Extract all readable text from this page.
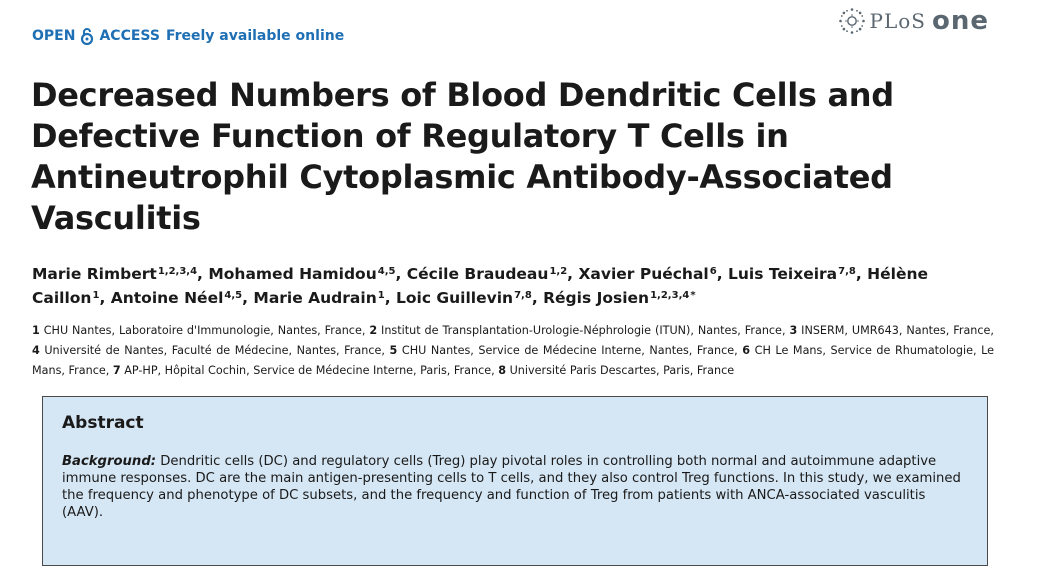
OPEN ACCESS Freely available online
PLoS one
Decreased Numbers of Blood Dendritic Cells and Defective Function of Regulatory T Cells in Antineutrophil Cytoplasmic Antibody-Associated Vasculitis
Marie Rimbert$^{1,2,3,4}$, Mohamed Hamidou$^{4,5}$, Cécile Braudeau$^{1,2}$, Xavier Puéchal$^6$, Luis Teixeira$^{7,8}$, Hélène Caillon$^1$, Antoine Néel$^{4,5}$, Marie Audrain$^1$, Loic Guillevin$^{7,8}$, Régis Josien$^{1,2,3,4*}$
1 CHU Nantes, Laboratoire d'Immunologie, Nantes, France, 2 Institut de Transplantation-Urologie-Néphrologie (ITUN), Nantes, France, 3 INSERM, UMR643, Nantes, France, 4 Université de Nantes, Faculté de Médecine, Nantes, France, 5 CHU Nantes, Service de Médecine Interne, Nantes, France, 6 CH Le Mans, Service de Rhumatologie, Le Mans, France, 7 AP-HP, Hôpital Cochin, Service de Médecine Interne, Paris, France, 8 Université Paris Descartes, Paris, France
Abstract

Background: Dendritic cells (DC) and regulatory cells (Treg) play pivotal roles in controlling both normal and autoimmune adaptive immune responses. DC are the main antigen-presenting cells to T cells, and they also control Treg functions. In this study, we examined the frequency and phenotype of DC subsets, and the frequency and function of Treg from patients with ANCA-associated vasculitis (AAV).
